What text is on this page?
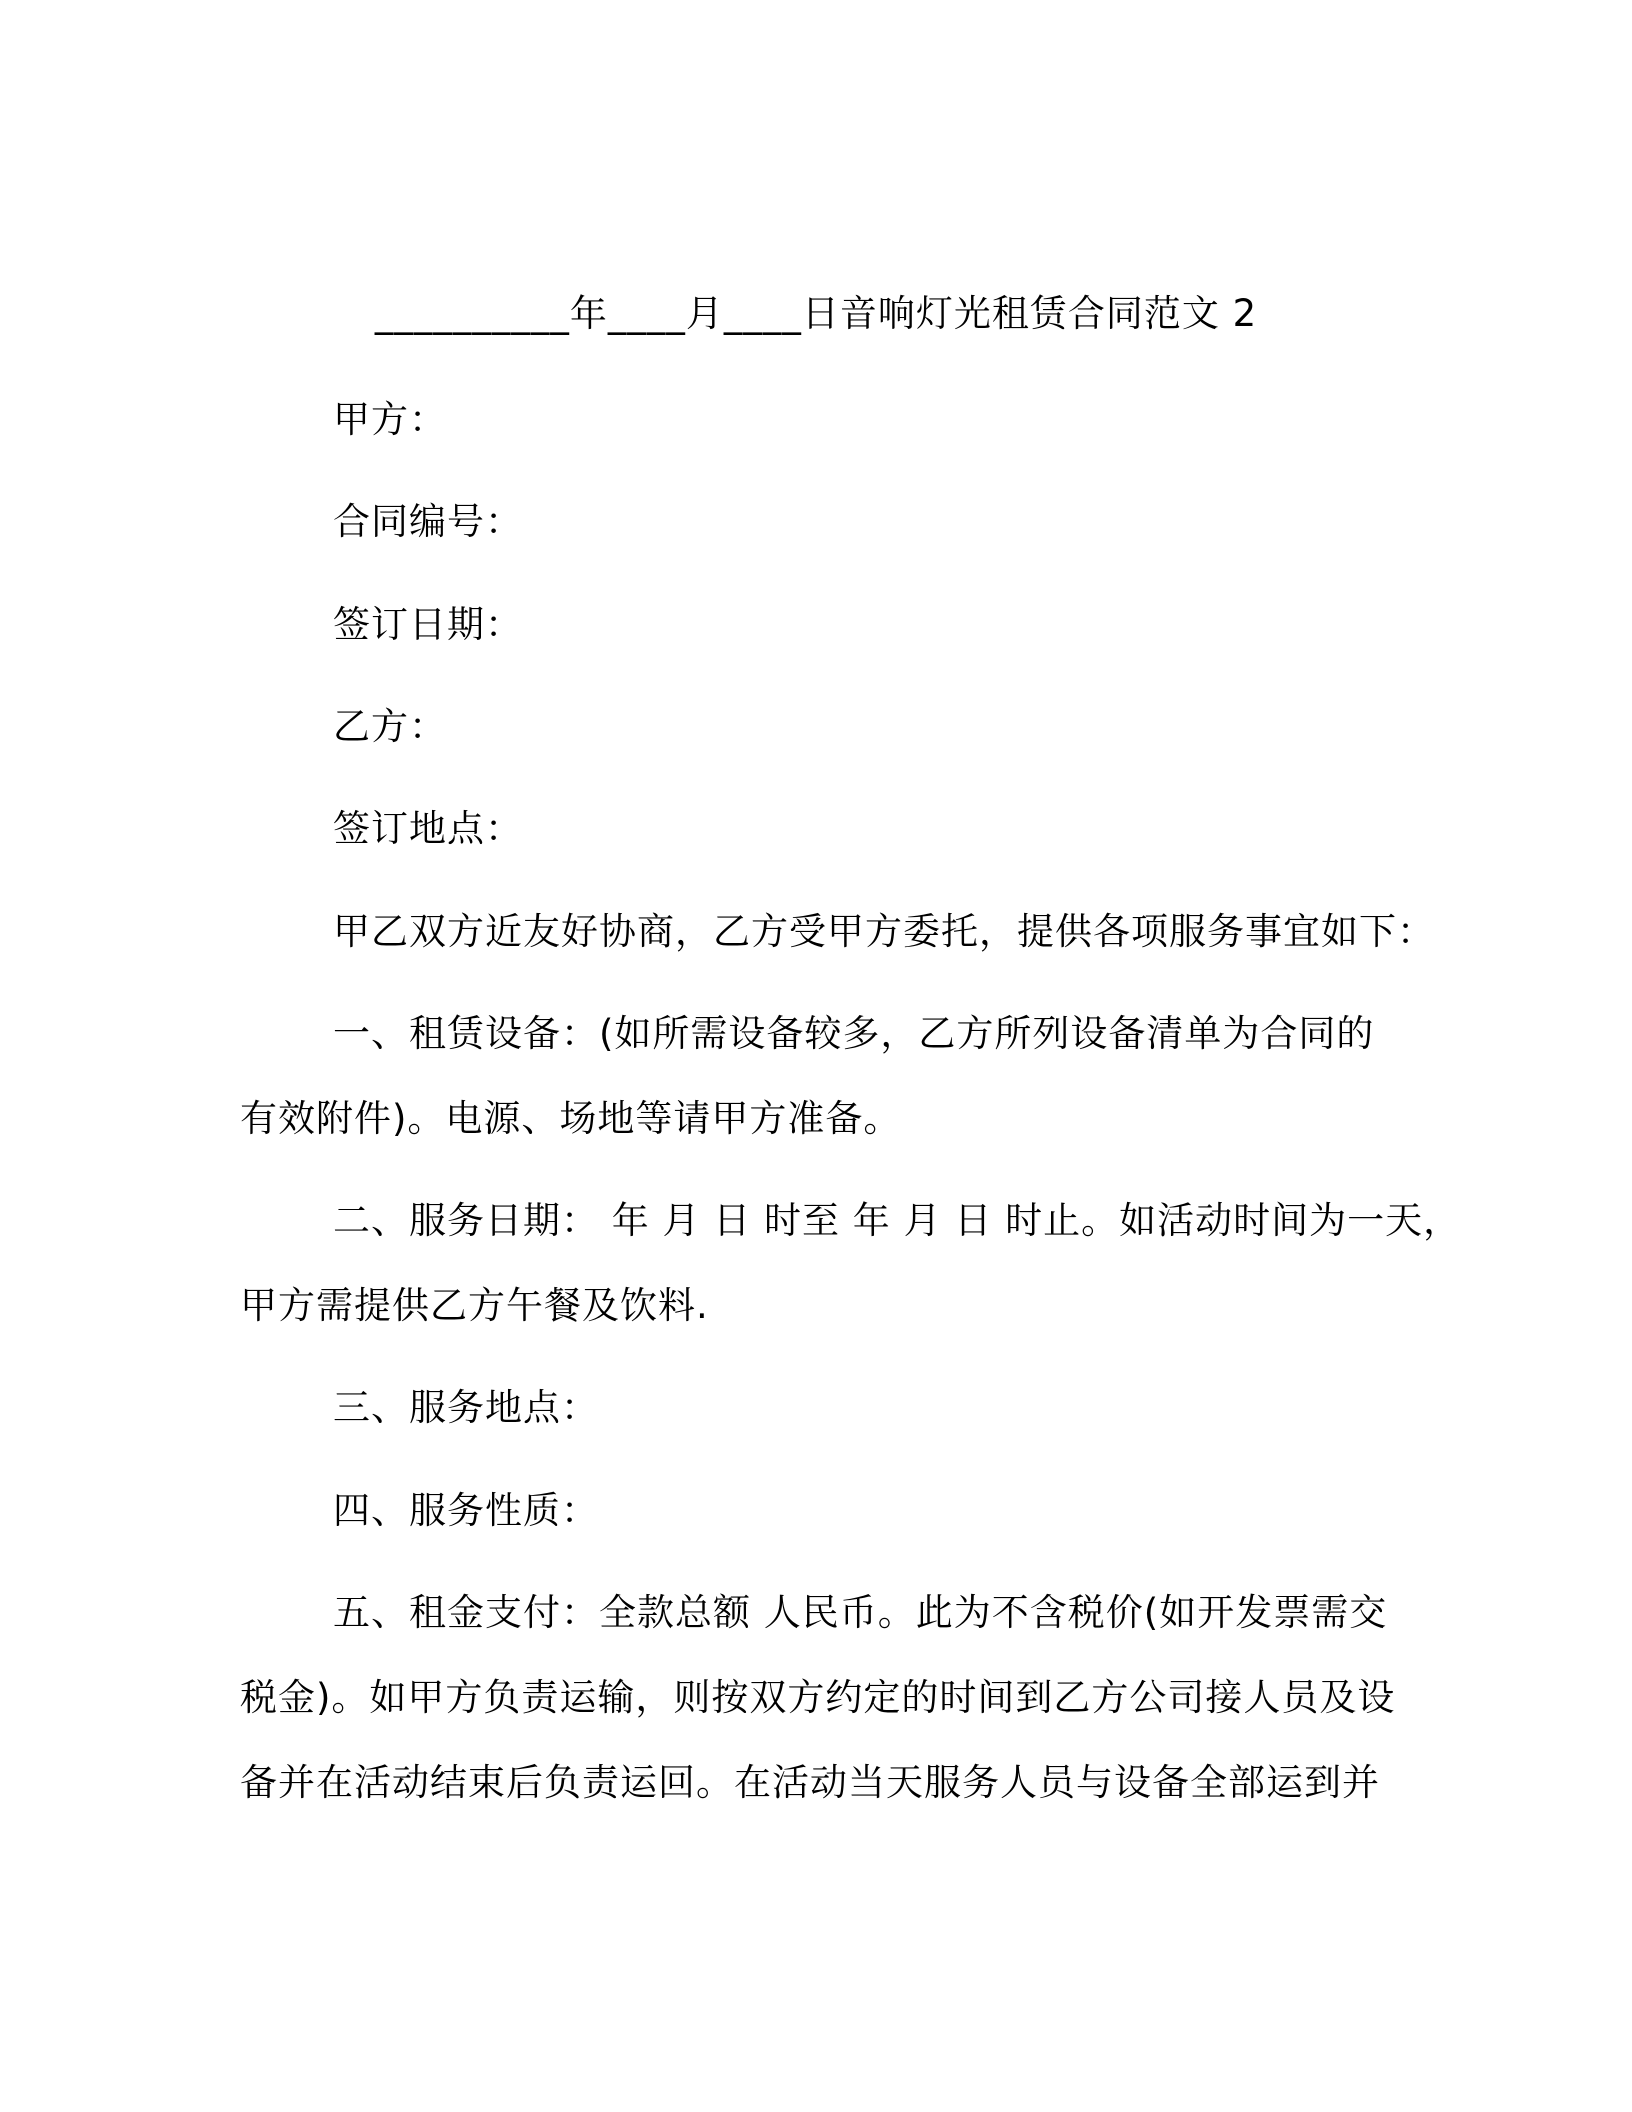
__________年____月____日音响灯光租赁合同范文 2
甲方：
合同编号：
签订日期：
乙方：
签订地点：
甲乙双方近友好协商，乙方受甲方委托，提供各项服务事宜如下：
一、租赁设备：(如所需设备较多，乙方所列设备清单为合同的
有效附件)。电源、场地等请甲方准备。
二、服务日期： 年 月 日 时至 年 月 日 时止。如活动时间为一天，
甲方需提供乙方午餐及饮料.
三、服务地点：
四、服务性质：
五、租金支付：全款总额 人民币。此为不含税价(如开发票需交
税金)。如甲方负责运输，则按双方约定的时间到乙方公司接人员及设
备并在活动结束后负责运回。在活动当天服务人员与设备全部运到并
